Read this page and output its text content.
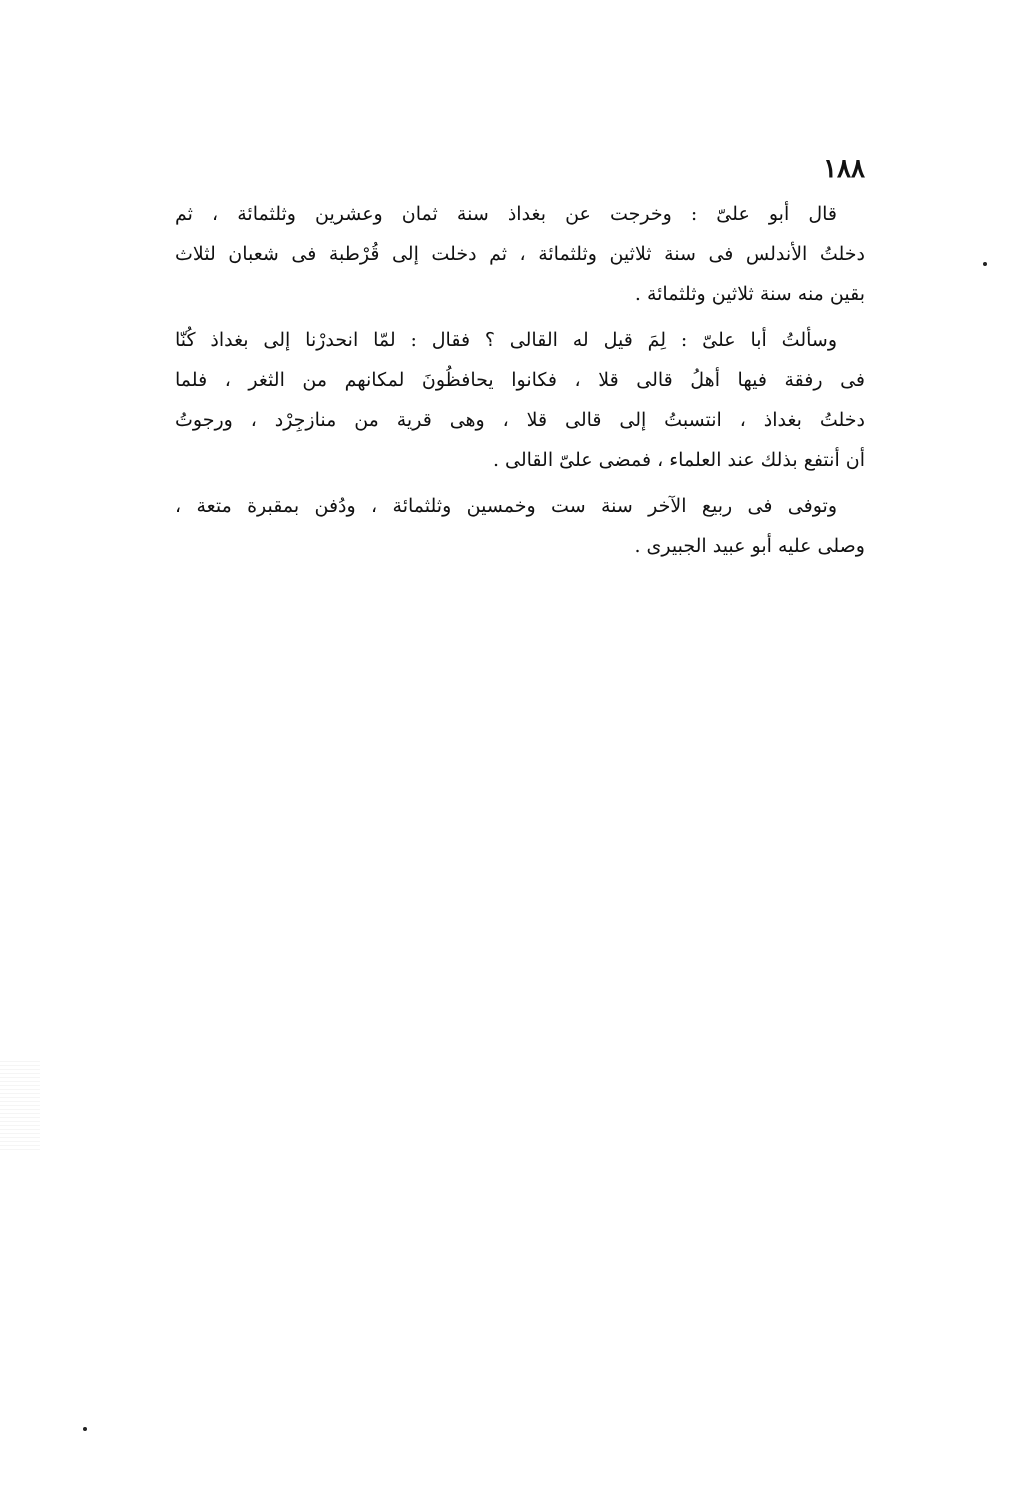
١٨٨
قال أبو علىّ : وخرجت عن بغداذ سنة ثمان وعشرين وثلثمائة ، ثم
دخلتُ الأندلس فى سنة ثلاثين وثلثمائة ، ثم دخلت إلى قُرْطبة فى شعبان لثلاث
بقين منه سنة ثلاثين وثلثمائة .
وسألتُ أبا علىّ : لِمَ قيل له القالى ؟ فقال : لمّا انحدرْنا إلى بغداذ كُنّا
فى رفقة فيها أهلُ قالى قلا ، فكانوا يحافظُونَ لمكانهم من الثغر ، فلما
دخلتُ بغداذ ، انتسبتُ إلى قالى قلا ، وهى قرية من منازجِرْد ، ورجوتُ
أن أنتفع بذلك عند العلماء ، فمضى علىّ القالى .
وتوفى فى ربيع الآخر سنة ست وخمسين وثلثمائة ، ودُفن بمقبرة متعة ،
وصلى عليه أبو عبيد الجبيرى .
